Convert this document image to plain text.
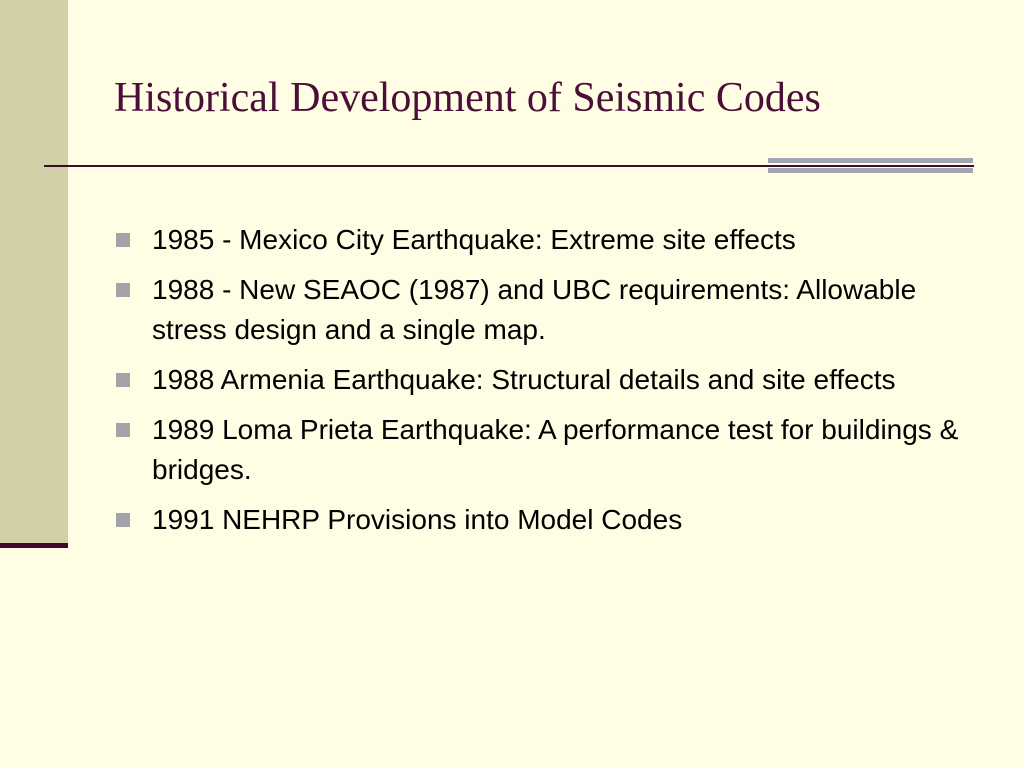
Historical Development of Seismic Codes
1985 - Mexico City Earthquake: Extreme site effects
1988 - New SEAOC (1987) and UBC requirements: Allowable stress design and a single map.
1988 Armenia Earthquake: Structural details and site effects
1989 Loma Prieta Earthquake: A performance test for buildings & bridges.
1991 NEHRP Provisions into Model Codes
